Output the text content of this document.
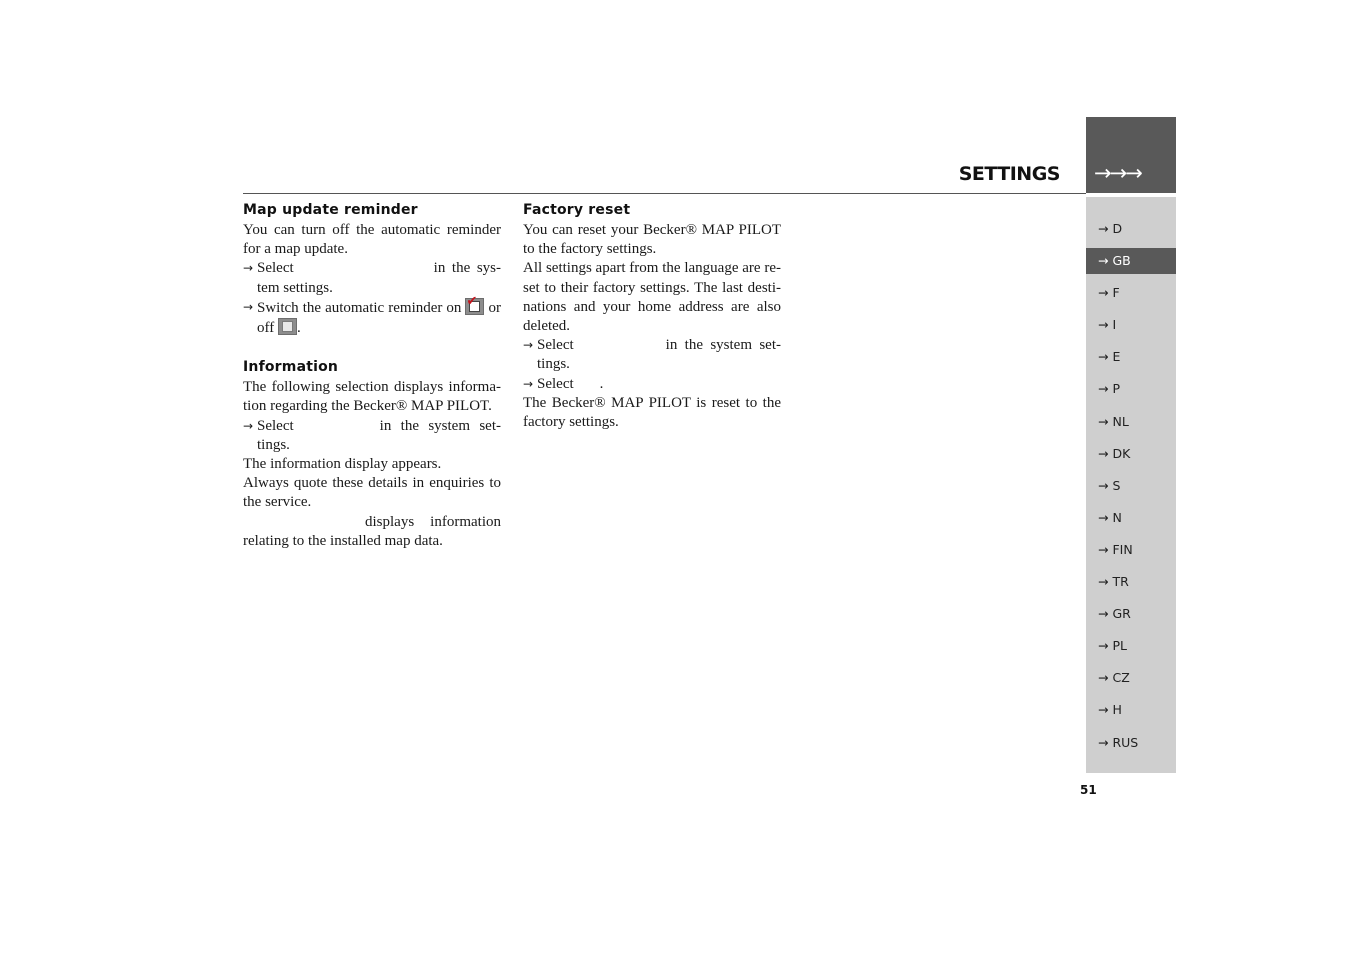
SETTINGS →→→
→ D
→ GB
→ F
→ I
→ E
→ P
→ NL
→ DK
→ S
→ N
→ FIN
→ TR
→ GR
→ PL
→ CZ
→ H
→ RUS
51
Map update reminder

You can turn off the automatic reminder for a map update.

→ Select	in the sys-tem settings.

→ Switch the automatic reminder on ✔ or off .

Information

The following selection displays informa-tion regarding the Becker® MAP PILOT.

→ Select	in the system set-tings.

The information display appears.

Always quote these details in enquiries to the service.

displays information relating to the installed map data.

Factory reset

You can reset your Becker® MAP PILOT to the factory settings.

All settings apart from the language are re-set to their factory settings. The last desti-nations and your home address are also deleted.

→ Select	in the system set-tings.

→ Select .

The Becker® MAP PILOT is reset to the factory settings.
